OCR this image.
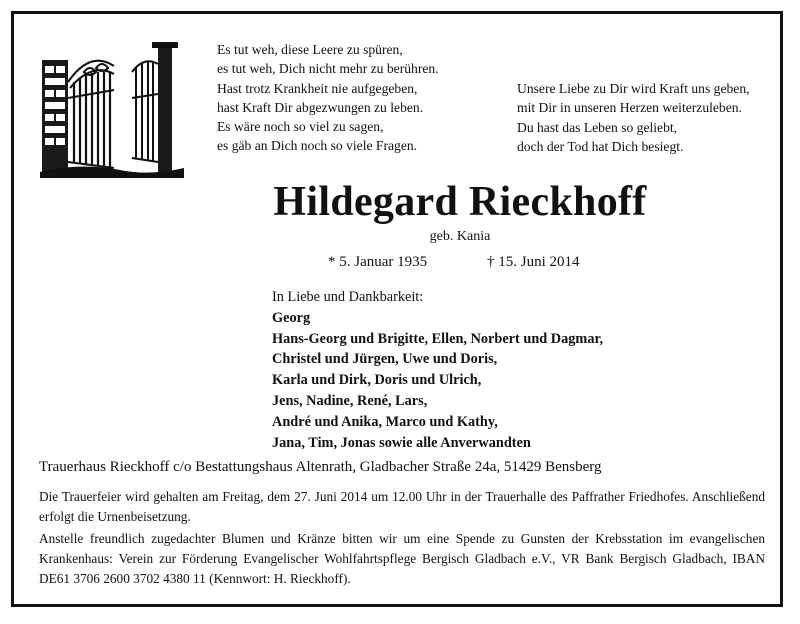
Es tut weh, diese Leere zu spüren,
es tut weh, Dich nicht mehr zu berühren.
Hast trotz Krankheit nie aufgegeben,
hast Kraft Dir abgezwungen zu leben.
Es wäre noch so viel zu sagen,
es gäb an Dich noch so viele Fragen.
Unsere Liebe zu Dir wird Kraft uns geben,
mit Dir in unseren Herzen weiterzuleben.
Du hast das Leben so geliebt,
doch der Tod hat Dich besiegt.
Hildegard Rieckhoff
geb. Kania
* 5. Januar 1935	† 15. Juni 2014
In Liebe und Dankbarkeit:
Georg
Hans-Georg und Brigitte, Ellen, Norbert und Dagmar,
Christel und Jürgen, Uwe und Doris,
Karla und Dirk, Doris und Ulrich,
Jens, Nadine, René, Lars,
André und Anika, Marco und Kathy,
Jana, Tim, Jonas sowie alle Anverwandten
Trauerhaus Rieckhoff c/o Bestattungshaus Altenrath, Gladbacher Straße 24a, 51429 Bensberg
Die Trauerfeier wird gehalten am Freitag, dem 27. Juni 2014 um 12.00 Uhr in der Trauerhalle des Paffrather Friedhofes. Anschließend erfolgt die Urnenbeisetzung.
Anstelle freundlich zugedachter Blumen und Kränze bitten wir um eine Spende zu Gunsten der Krebsstation im evangelischen Krankenhaus: Verein zur Förderung Evangelischer Wohlfahrtspflege Bergisch Gladbach e.V., VR Bank Bergisch Gladbach, IBAN DE61 3706 2600 3702 4380 11 (Kennwort: H. Rieckhoff).
